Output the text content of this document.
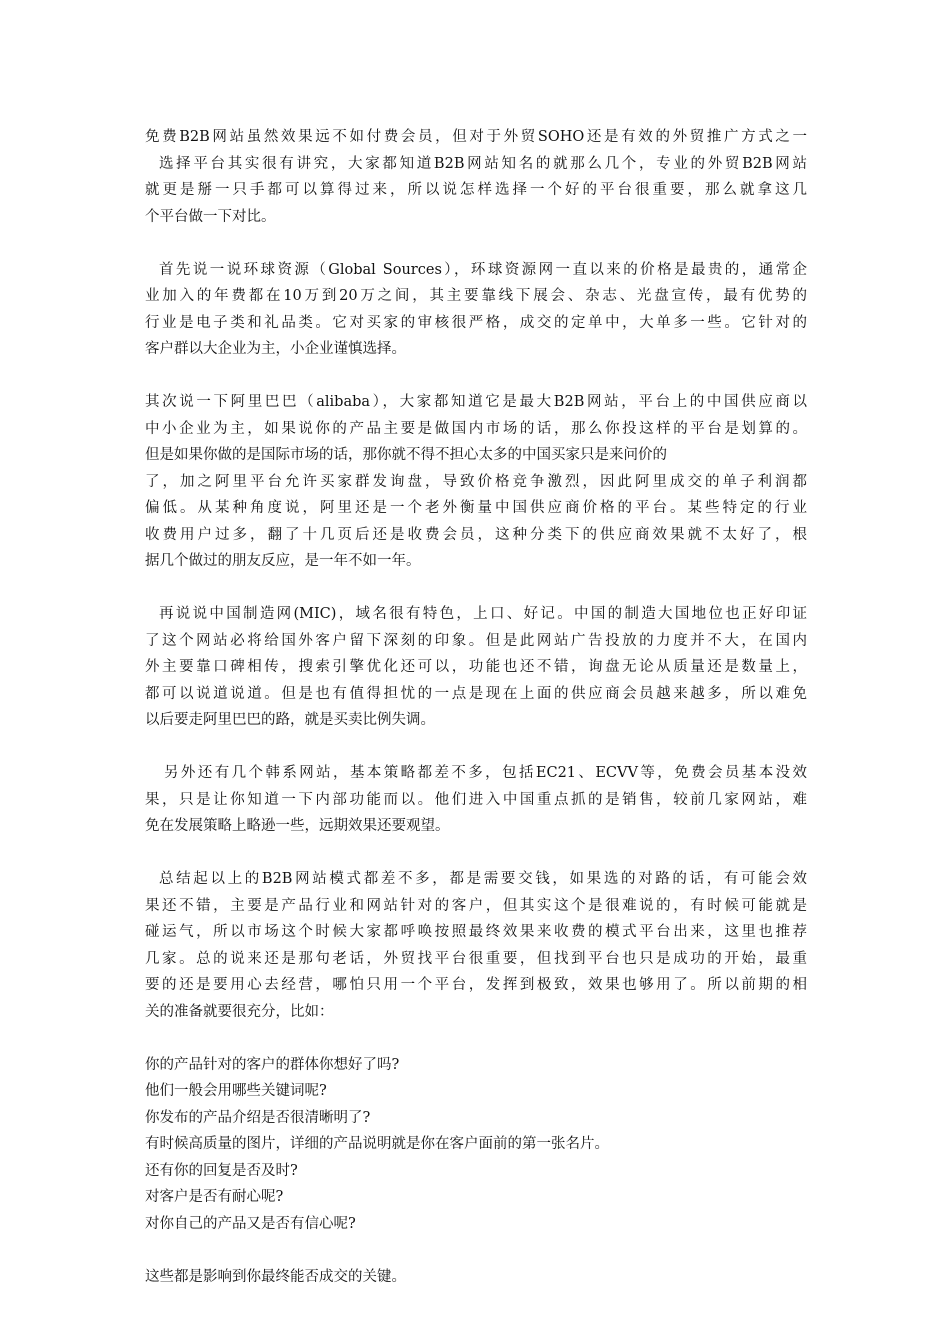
免费B2B网站虽然效果远不如付费会员，但对于外贸SOHO还是有效的外贸推广方式之一
选择平台其实很有讲究，大家都知道B2B网站知名的就那么几个，专业的外贸B2B网站
就更是掰一只手都可以算得过来，所以说怎样选择一个好的平台很重要，那么就拿这几
个平台做一下对比。
首先说一说环球资源（Global Sources），环球资源网一直以来的价格是最贵的，通常企
业加入的年费都在10万到20万之间，其主要靠线下展会、杂志、光盘宣传，最有优势的
行业是电子类和礼品类。它对买家的审核很严格，成交的定单中，大单多一些。它针对的
客户群以大企业为主，小企业谨慎选择。
其次说一下阿里巴巴（alibaba），大家都知道它是最大B2B网站，平台上的中国供应商以
中小企业为主，如果说你的产品主要是做国内市场的话，那么你投这样的平台是划算的。
但是如果你做的是国际市场的话，那你就不得不担心太多的中国买家只是来问价的
了，加之阿里平台允许买家群发询盘，导致价格竞争激烈，因此阿里成交的单子利润都
偏低。从某种角度说，阿里还是一个老外衡量中国供应商价格的平台。某些特定的行业
收费用户过多，翻了十几页后还是收费会员，这种分类下的供应商效果就不太好了，根
据几个做过的朋友反应，是一年不如一年。
再说说中国制造网(MIC)，域名很有特色，上口、好记。中国的制造大国地位也正好印证
了这个网站必将给国外客户留下深刻的印象。但是此网站广告投放的力度并不大，在国内
外主要靠口碑相传，搜索引擎优化还可以，功能也还不错，询盘无论从质量还是数量上，
都可以说道说道。但是也有值得担忧的一点是现在上面的供应商会员越来越多，所以难免
以后要走阿里巴巴的路，就是买卖比例失调。
另外还有几个韩系网站，基本策略都差不多，包括EC21、ECVV等，免费会员基本没效
果，只是让你知道一下内部功能而以。他们进入中国重点抓的是销售，较前几家网站，难
免在发展策略上略逊一些，远期效果还要观望。
总结起以上的B2B网站模式都差不多，都是需要交钱，如果选的对路的话，有可能会效
果还不错，主要是产品行业和网站针对的客户，但其实这个是很难说的，有时候可能就是
碰运气，所以市场这个时候大家都呼唤按照最终效果来收费的模式平台出来，这里也推荐
几家。总的说来还是那句老话，外贸找平台很重要，但找到平台也只是成功的开始，最重
要的还是要用心去经营，哪怕只用一个平台，发挥到极致，效果也够用了。所以前期的相
关的准备就要很充分，比如：
你的产品针对的客户的群体你想好了吗?
他们一般会用哪些关键词呢?
你发布的产品介绍是否很清晰明了?
有时候高质量的图片，详细的产品说明就是你在客户面前的第一张名片。
还有你的回复是否及时?
对客户是否有耐心呢?
对你自己的产品又是否有信心呢?
这些都是影响到你最终能否成交的关键。
